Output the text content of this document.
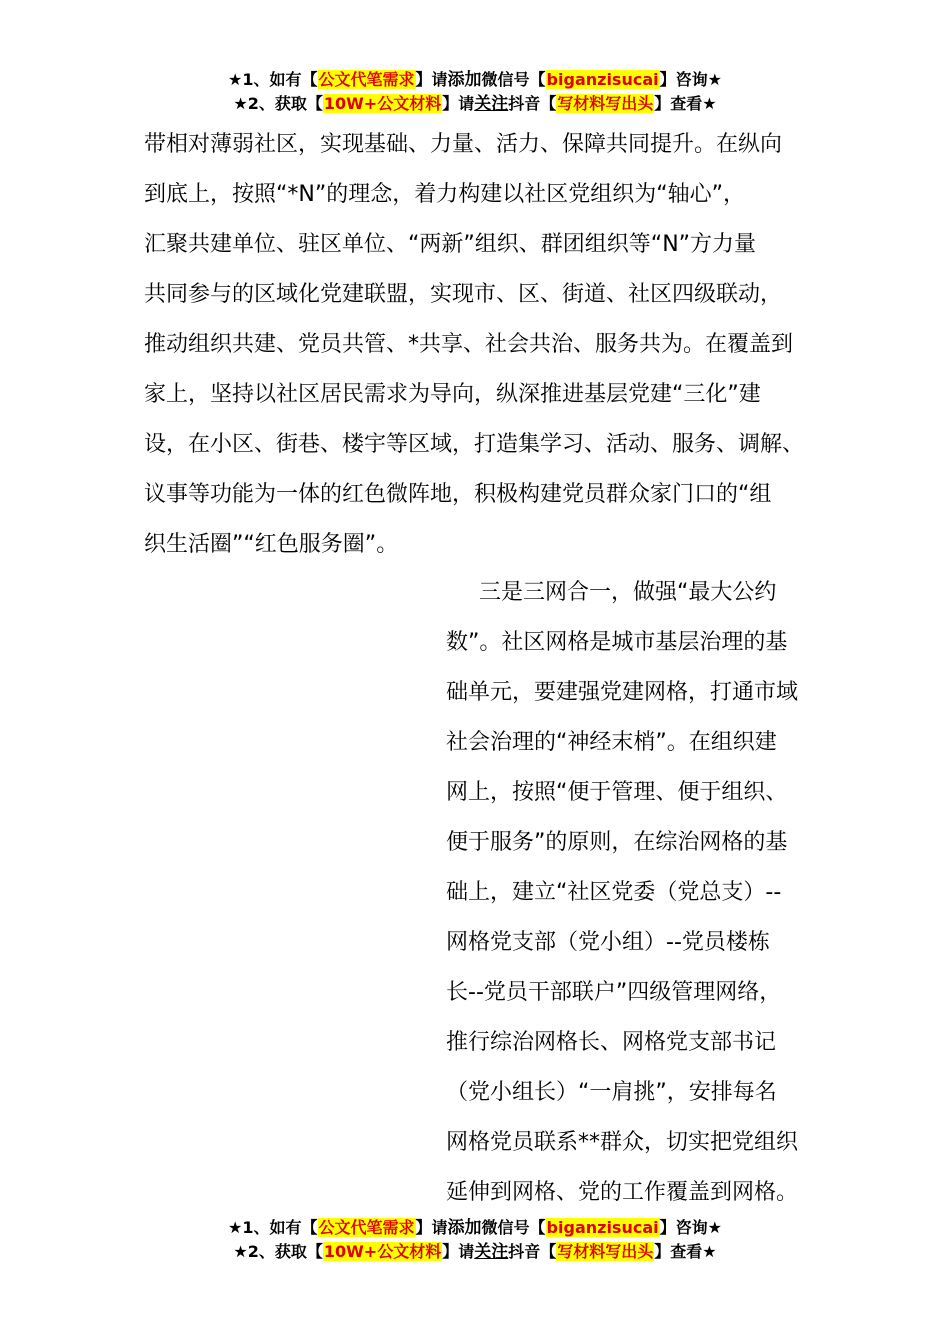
★1、如有【公文代笔需求】请添加微信号【biganzisucai】咨询★
★2、获取【10W+公文材料】请关注抖音【写材料写出头】查看★
带相对薄弱社区，实现基础、力量、活力、保障共同提升。在纵向
到底上，按照“*N”的理念，着力构建以社区党组织为“轴心”，
汇聚共建单位、驻区单位、“两新”组织、群团组织等“N”方力量
共同参与的区域化党建联盟，实现市、区、街道、社区四级联动，
推动组织共建、党员共管、*共享、社会共治、服务共为。在覆盖到
家上，坚持以社区居民需求为导向，纵深推进基层党建“三化”建
设，在小区、街巷、楼宇等区域，打造集学习、活动、服务、调解、
议事等功能为一体的红色微阵地，积极构建党员群众家门口的“组
织生活圈”“红色服务圈”。
三是三网合一，做强“最大公约
数”。社区网格是城市基层治理的基
础单元，要建强党建网格，打通市域
社会治理的“神经末梢”。在组织建
网上，按照“便于管理、便于组织、
便于服务”的原则，在综治网格的基
础上，建立“社区党委（党总支）--
网格党支部（党小组）--党员楼栋
长--党员干部联户”四级管理网络，
推行综治网格长、网格党支部书记
（党小组长）“一肩挑”，安排每名
网格党员联系**群众，切实把党组织
延伸到网格、党的工作覆盖到网格。
★1、如有【公文代笔需求】请添加微信号【biganzisucai】咨询★
★2、获取【10W+公文材料】请关注抖音【写材料写出头】查看★
